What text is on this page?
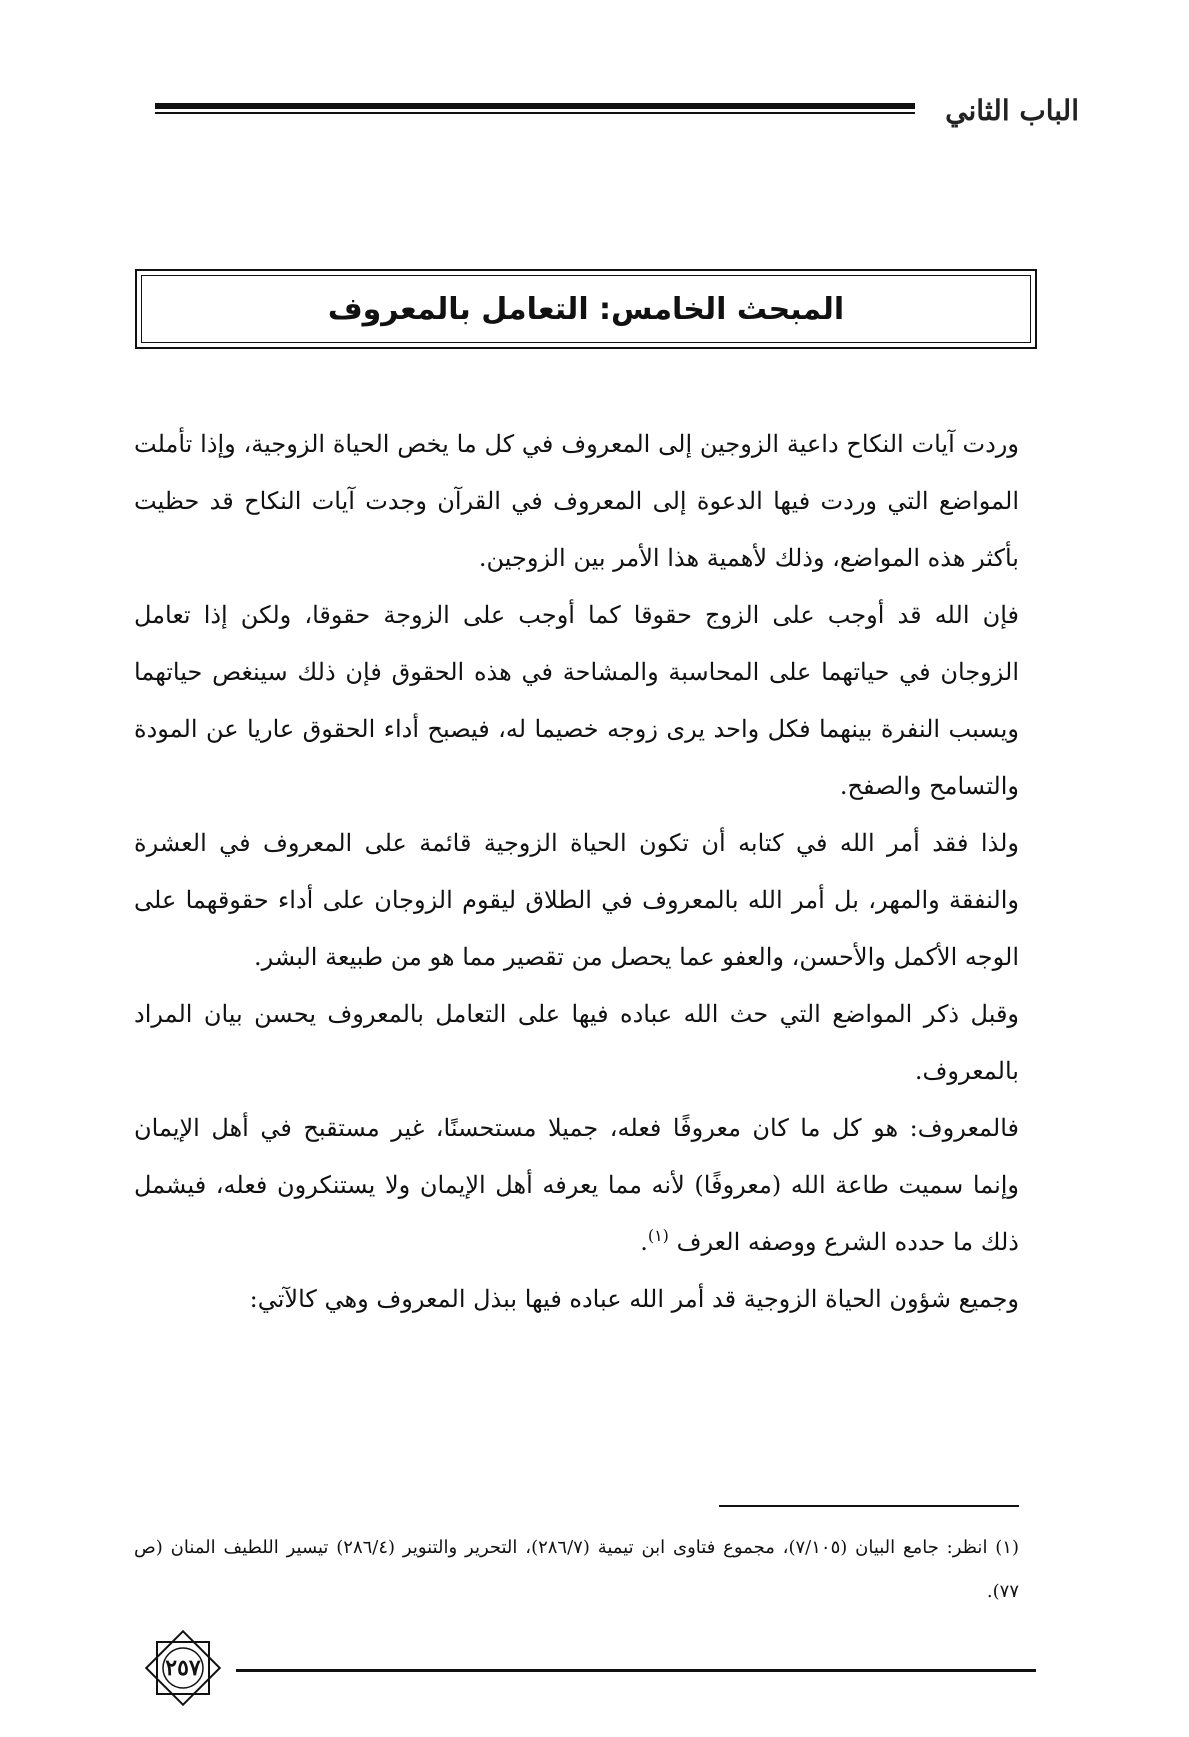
الباب الثاني
المبحث الخامس: التعامل بالمعروف

وردت آيات النكاح داعية الزوجين إلى المعروف في كل ما يخص الحياة الزوجية، وإذا تأملت المواضع التي وردت فيها الدعوة إلى المعروف في القرآن وجدت آيات النكاح قد حظيت بأكثر هذه المواضع، وذلك لأهمية هذا الأمر بين الزوجين.

فإن الله قد أوجب على الزوج حقوقا كما أوجب على الزوجة حقوقا، ولكن إذا تعامل الزوجان في حياتهما على المحاسبة والمشاحة في هذه الحقوق فإن ذلك سينغص حياتهما ويسبب النفرة بينهما فكل واحد يرى زوجه خصيما له، فيصبح أداء الحقوق عاريا عن المودة والتسامح والصفح.

ولذا فقد أمر الله في كتابه أن تكون الحياة الزوجية قائمة على المعروف في العشرة والنفقة والمهر، بل أمر الله بالمعروف في الطلاق ليقوم الزوجان على أداء حقوقهما على الوجه الأكمل والأحسن، والعفو عما يحصل من تقصير مما هو من طبيعة البشر.

وقبل ذكر المواضع التي حث الله عباده فيها على التعامل بالمعروف يحسن بيان المراد بالمعروف.

فالمعروف: هو كل ما كان معروفًا فعله، جميلا مستحسنًا، غير مستقبح في أهل الإيمان وإنما سميت طاعة الله (معروفًا) لأنه مما يعرفه أهل الإيمان ولا يستنكرون فعله، فيشمل ذلك ما حدده الشرع ووصفه العرف $^{(١)}$.

وجميع شؤون الحياة الزوجية قد أمر الله عباده فيها ببذل المعروف وهي كالآتي:

(١) انظر: جامع البيان (٧/١٠٥)، مجموع فتاوى ابن تيمية (٢٨٦/٧)، التحرير والتنوير (٢٨٦/٤) تيسير اللطيف المنان (ص ٧٧).

٢٥٧
